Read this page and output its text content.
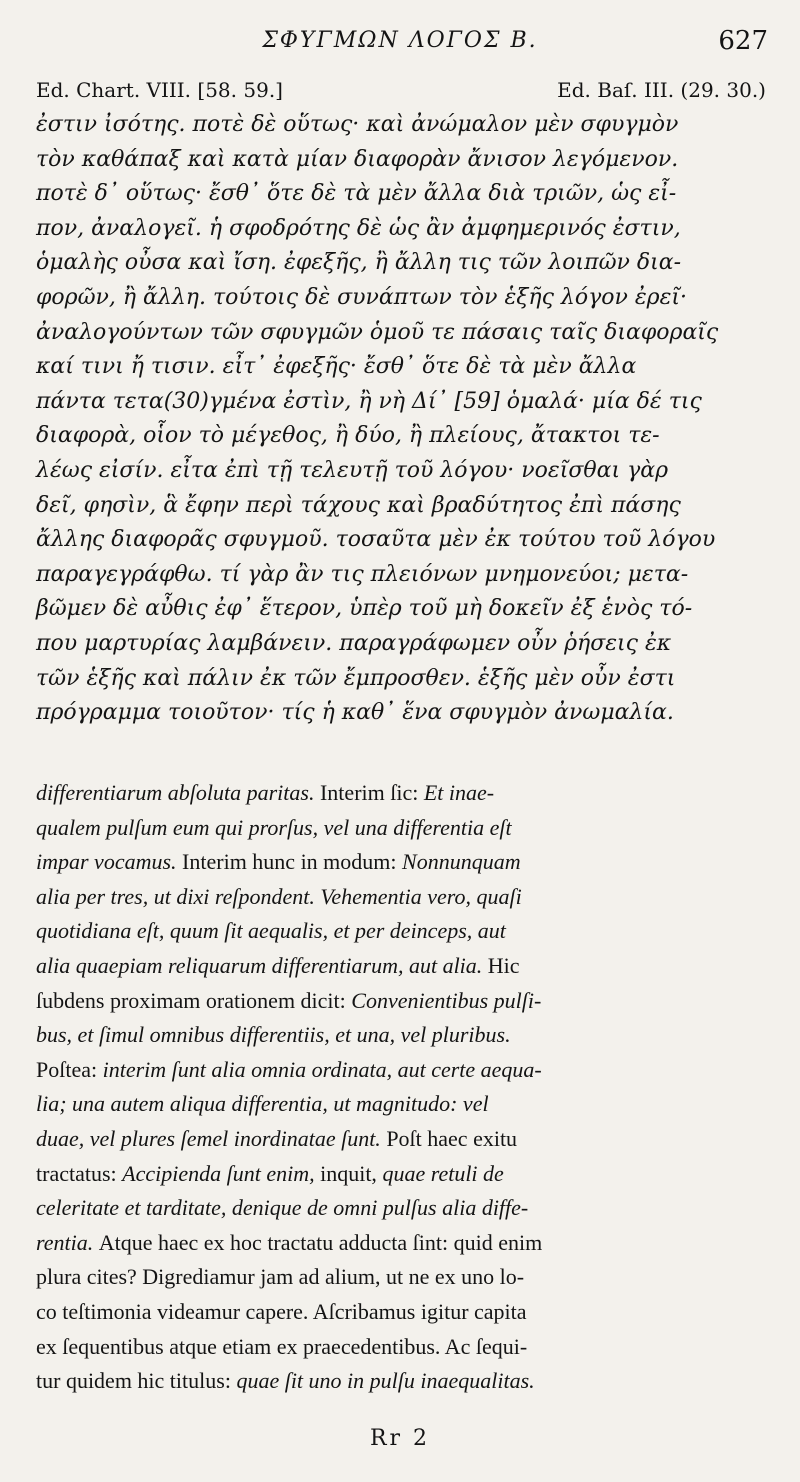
ΣΦΥΓΜΩΝ ΛΟΓΟΣ Β.	627
Ed. Chart. VIII. [58. 59.]	Ed. Baſ. III. (29. 30.)
ἐστιν ἰσότης. ποτὲ δὲ οὕτως· καὶ ἀνώμαλον μὲν σφυγμὸν
τὸν καθάπαξ καὶ κατὰ μίαν διαφορὰν ἄνισον λεγόμενον.
ποτὲ δ᾽ οὕτως· ἔσθ᾽ ὅτε δὲ τὰ μὲν ἄλλα διὰ τριῶν, ὡς εἶ-
πον, ἀναλογεῖ. ἡ σφοδρότης δὲ ὡς ἂν ἀμφημερινός ἐστιν,
ὁμαλὴς οὖσα καὶ ἴση. ἐφεξῆς, ἢ ἄλλη τις τῶν λοιπῶν δια-
φορῶν, ἢ ἄλλη. τούτοις δὲ συνάπτων τὸν ἑξῆς λόγον ἐρεῖ·
ἀναλογούντων τῶν σφυγμῶν ὁμοῦ τε πάσαις ταῖς διαφοραῖς
καί τινι ἤ τισιν. εἶτ᾽ ἐφεξῆς· ἔσθ᾽ ὅτε δὲ τὰ μὲν ἄλλα
πάντα τετα(30)γμένα ἐστὶν, ἢ νὴ Δί᾽ [59] ὁμαλά· μία δέ τις
διαφορὰ, οἷον τὸ μέγεθος, ἢ δύο, ἢ πλείους, ἄτακτοι τε-
λέως εἰσίν. εἶτα ἐπὶ τῇ τελευτῇ τοῦ λόγου· νοεῖσθαι γὰρ
δεῖ, φησὶν, ἃ ἔφην περὶ τάχους καὶ βραδύτητος ἐπὶ πάσης
ἄλλης διαφορᾶς σφυγμοῦ. τοσαῦτα μὲν ἐκ τούτου τοῦ λόγου
παραγεγράφθω. τί γὰρ ἂν τις πλειόνων μνημονεύοι; μετα-
βῶμεν δὲ αὖθις ἐφ᾽ ἕτερον, ὑπὲρ τοῦ μὴ δοκεῖν ἐξ ἑνὸς τό-
που μαρτυρίας λαμβάνειν. παραγράφωμεν οὖν ῥήσεις ἐκ
τῶν ἑξῆς καὶ πάλιν ἐκ τῶν ἔμπροσθεν. ἑξῆς μὲν οὖν ἐστι
πρόγραμμα τοιοῦτον· τίς ἡ καθ᾽ ἕνα σφυγμὸν ἀνωμαλία.
differentiarum abſoluta paritas. Interim ſic: Et inae-
qualem pulſum eum qui prorſus, vel una differentia eſt
impar vocamus. Interim hunc in modum: Nonnunquam
alia per tres, ut dixi reſpondent. Vehementia vero, quaſi
quotidiana eſt, quum ſit aequalis, et per deinceps, aut
alia quaepiam reliquarum differentiarum, aut alia. Hic
ſubdens proximam orationem dicit: Convenientibus pulſi-
bus, et ſimul omnibus differentiis, et una, vel pluribus.
Poſtea: interim ſunt alia omnia ordinata, aut certe aequa-
lia; una autem aliqua differentia, ut magnitudo: vel
duae, vel plures ſemel inordinatae ſunt. Poſt haec exitu
tractatus: Accipienda ſunt enim, inquit, quae retuli de
celeritate et tarditate, denique de omni pulſus alia diffe-
rentia. Atque haec ex hoc tractatu adducta ſint: quid enim
plura cites? Digrediamur jam ad alium, ut ne ex uno lo-
co teſtimonia videamur capere. Aſcribamus igitur capita
ex ſequentibus atque etiam ex praecedentibus. Ac ſequi-
tur quidem hic titulus: quae ſit uno in pulſu inaequalitas.
Rr 2
